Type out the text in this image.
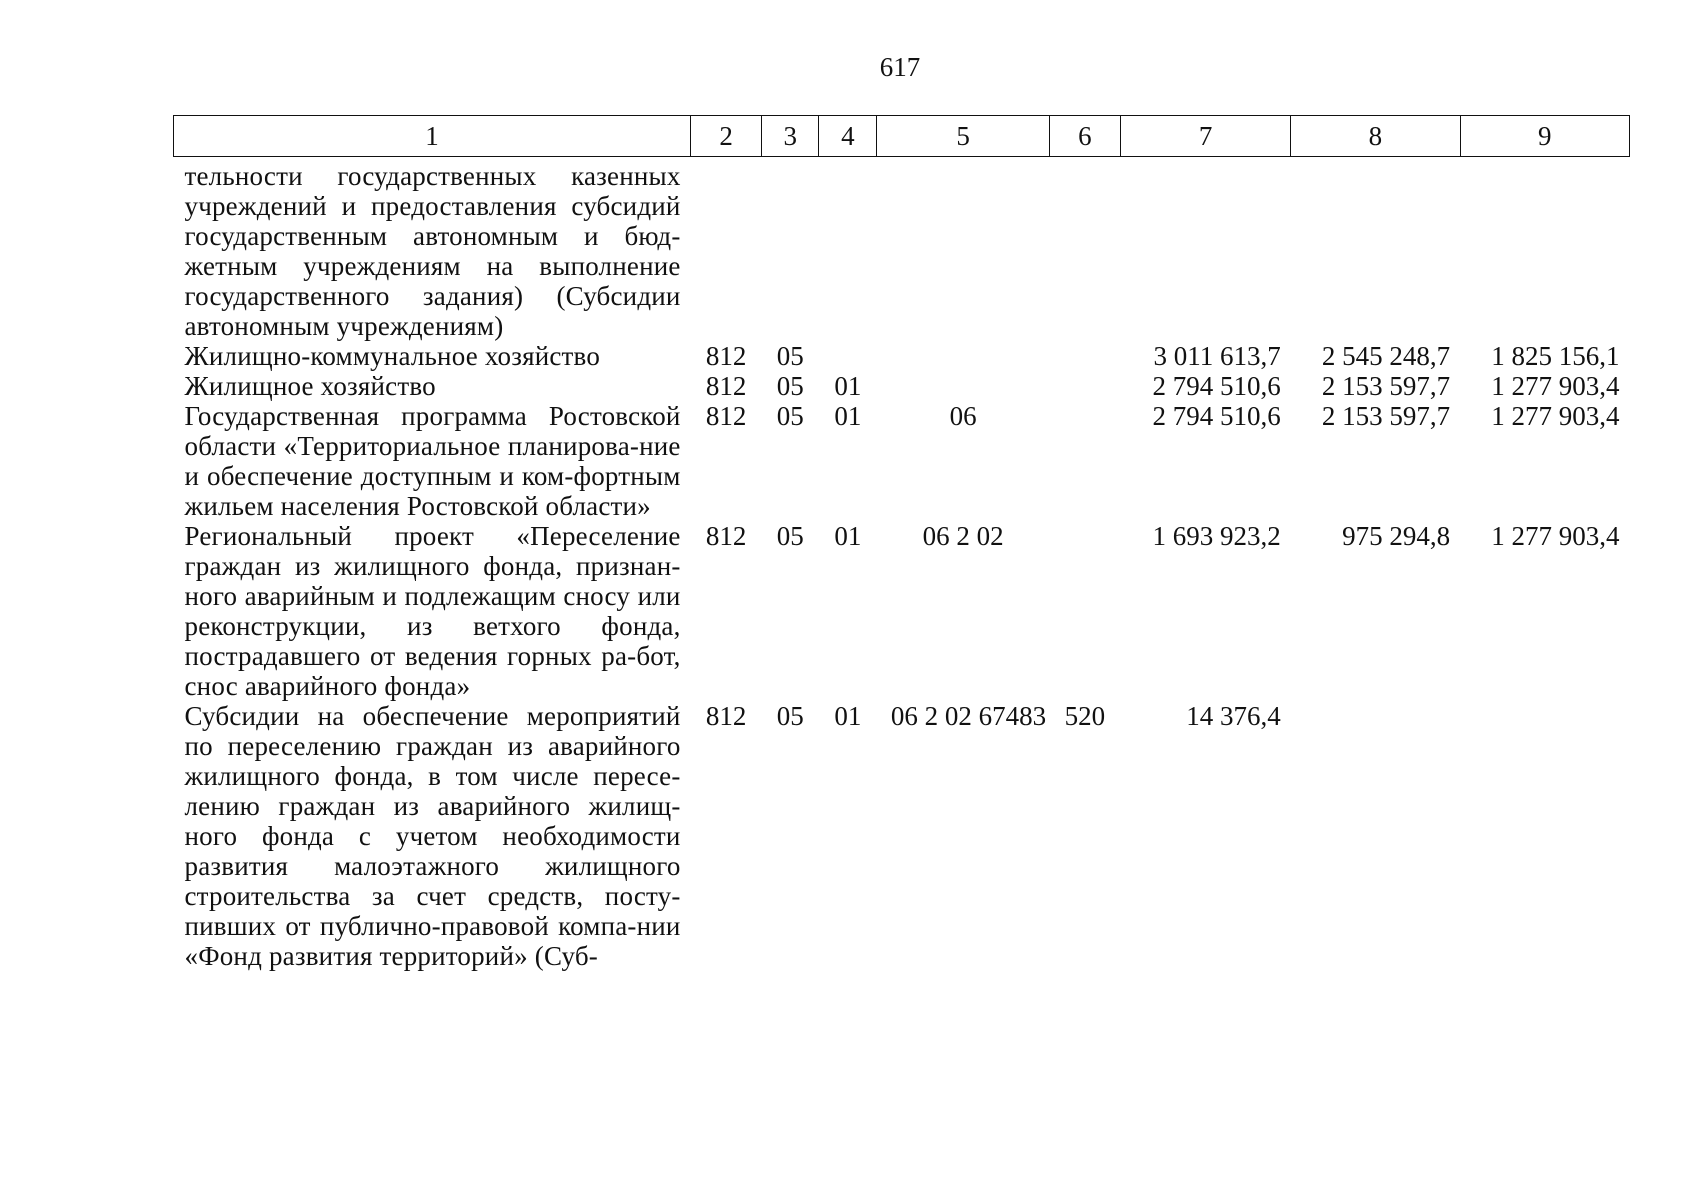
617
1	2	3	4	5	6	7	8	9
тельности государственных казенных учреждений и предоставления субсидий государственным автономным и бюд-жетным учреждениям на выполнение государственного задания) (Субсидии автономным учреждениям)								
Жилищно-коммунальное хозяйство	812	05				3 011 613,7	2 545 248,7	1 825 156,1
Жилищное хозяйство	812	05	01			2 794 510,6	2 153 597,7	1 277 903,4
Государственная программа Ростовской области «Территориальное планирова-ние и обеспечение доступным и ком-фортным жильем населения Ростовской области»	812	05	01	06		2 794 510,6	2 153 597,7	1 277 903,4
Региональный проект «Переселение граждан из жилищного фонда, признан-ного аварийным и подлежащим сносу или реконструкции, из ветхого фонда, пострадавшего от ведения горных ра-бот, снос аварийного фонда»	812	05	01	06 2 02		1 693 923,2	975 294,8	1 277 903,4
Субсидии на обеспечение мероприятий по переселению граждан из аварийного жилищного фонда, в том числе пересе-лению граждан из аварийного жилищ-ного фонда с учетом необходимости развития малоэтажного жилищного строительства за счет средств, посту-пивших от публично-правовой компа-нии «Фонд развития территорий» (Суб-	812	05	01	06 2 02 67483	520	14 376,4		
